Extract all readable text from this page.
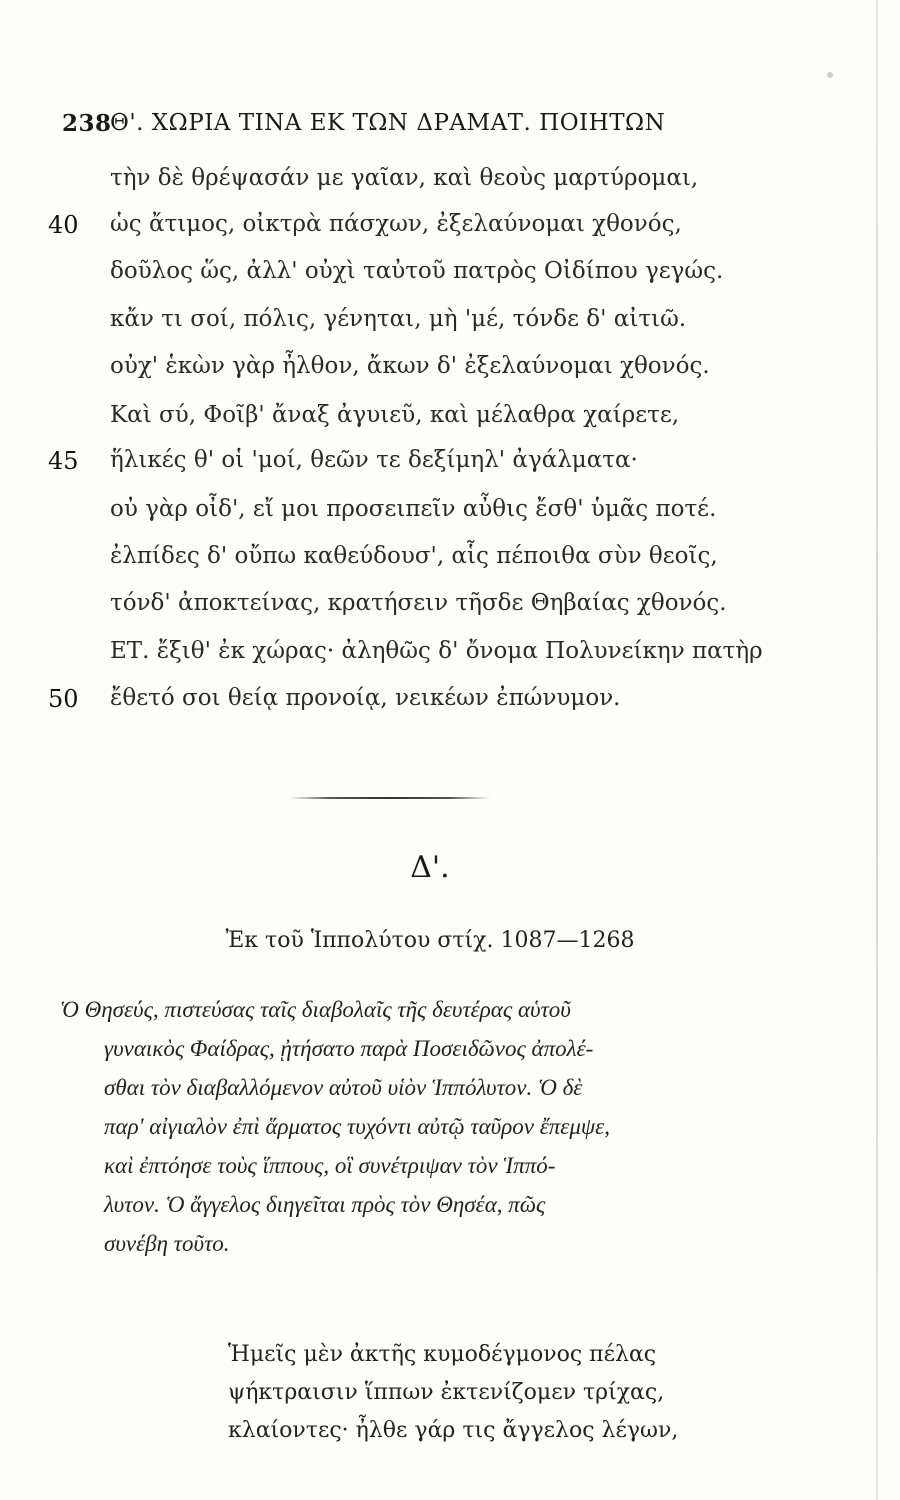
238
Θ'. ΧΩΡΙΑ ΤΙΝΑ ΕΚ ΤΩΝ ΔΡΑΜΑΤ. ΠΟΙΗΤΩΝ
τὴν δὲ θρέψασάν με γαῖαν, καὶ θεοὺς μαρτύρομαι,
40 ὡς ἄτιμος, οἰκτρὰ πάσχων, ἐξελαύνομαι χθονός,
δοῦλος ὥς, ἀλλ' οὐχὶ ταὐτοῦ πατρὸς Οἰδίπου γεγώς.
κἄν τι σοί, πόλις, γένηται, μὴ 'μέ, τόνδε δ' αἰτιῶ.
οὐχ' ἑκὼν γὰρ ἦλθον, ἄκων δ' ἐξελαύνομαι χθονός.
Καὶ σύ, Φοῖβ' ἄναξ ἀγυιεῦ, καὶ μέλαθρα χαίρετε,
45 ἥλικές θ' οἱ 'μοί, θεῶν τε δεξίμηλ' ἀγάλματα·
οὐ γὰρ οἶδ', εἴ μοι προσειπεῖν αὖθις ἔσθ' ὑμᾶς ποτέ.
ἐλπίδες δ' οὔπω καθεύδουσ', αἷς πέποιθα σὺν θεοῖς,
τόνδ' ἀποκτείνας, κρατήσειν τῆσδε Θηβαίας χθονός.
ΕΤ. ἔξιθ' ἐκ χώρας· ἀληθῶς δ' ὄνομα Πολυνείκην πατὴρ
50 ἔθετό σοι θείᾳ προνοίᾳ, νεικέων ἐπώνυμον.
Δ'.
Ἐκ τοῦ Ἱππολύτου στίχ. 1087—1268
Ὁ Θησεύς, πιστεύσας ταῖς διαβολαῖς τῆς δευτέρας αὑτοῦ
γυναικὸς Φαίδρας, ᾐτήσατο παρὰ Ποσειδῶνος ἀπολέ-
σθαι τὸν διαβαλλόμενον αὐτοῦ υἱὸν Ἱππόλυτον. Ὁ δὲ
παρ' αἰγιαλὸν ἐπὶ ἅρματος τυχόντι αὐτῷ ταῦρον ἔπεμψε,
καὶ ἐπτόησε τοὺς ἵππους, οἳ συνέτριψαν τὸν Ἱππό-
λυτον. Ὁ ἄγγελος διηγεῖται πρὸς τὸν Θησέα, πῶς
συνέβη τοῦτο.
Ἡμεῖς μὲν ἀκτῆς κυμοδέγμονος πέλας
ψήκτραισιν ἵππων ἐκτενίζομεν τρίχας,
κλαίοντες· ἦλθε γάρ τις ἄγγελος λέγων,
